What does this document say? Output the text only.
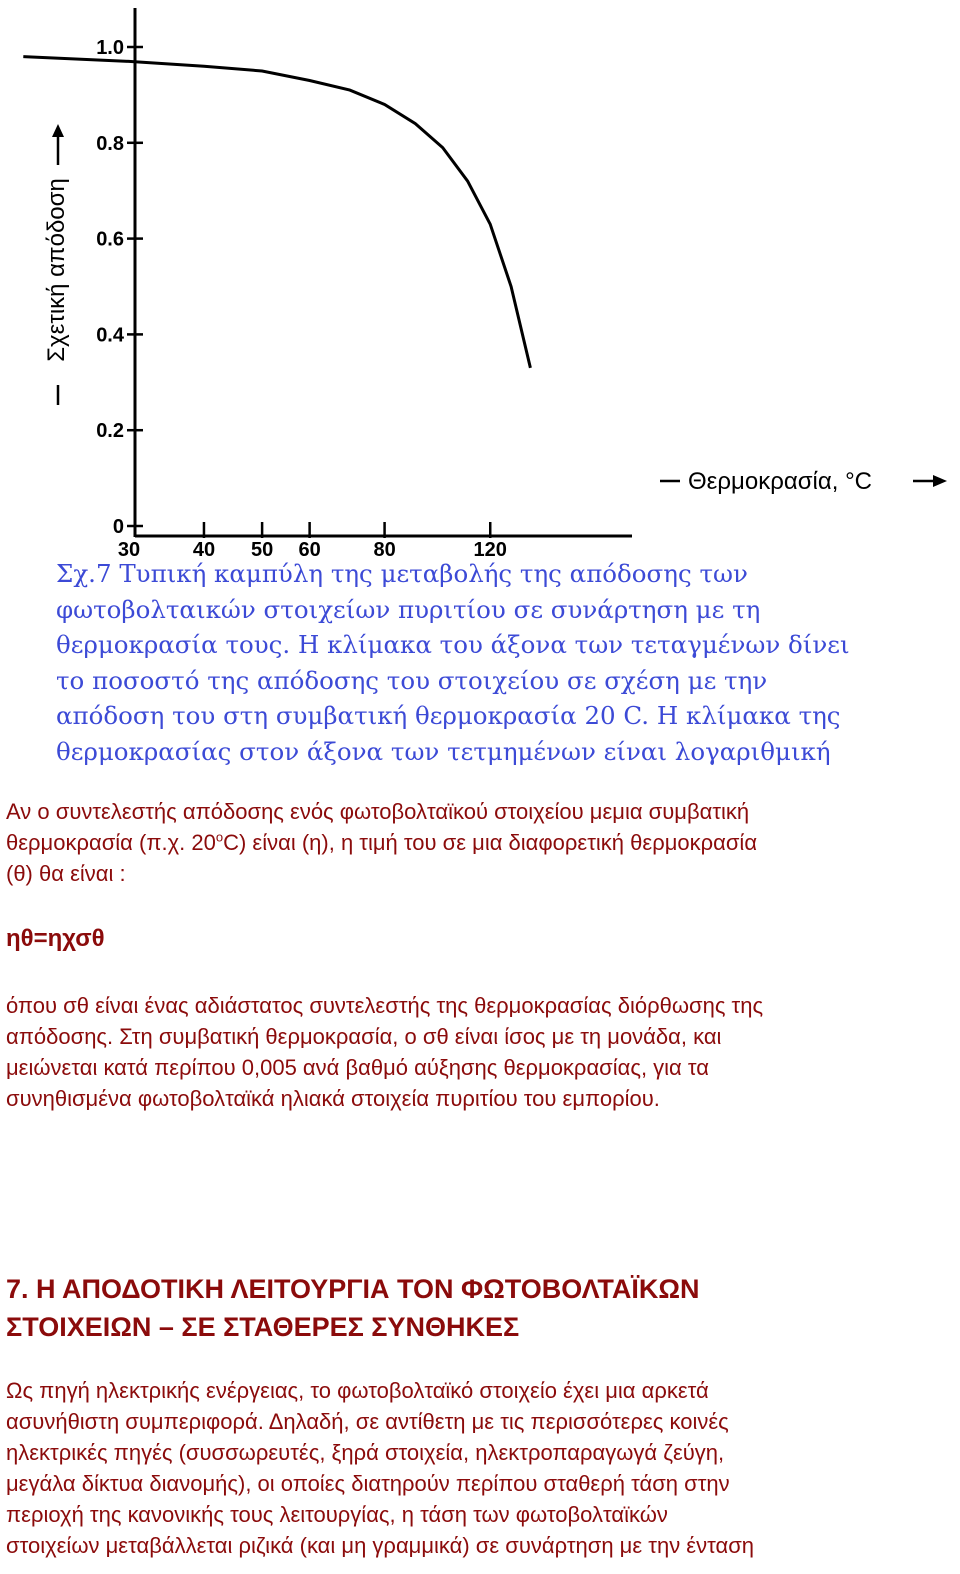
0
0.2
0.4
0.6
0.8
1.0
30	40 50 60	80	120
Σχετική απόδοση
Θερμοκρασία, °C
Σχ.7 Τυπική καμπύλη της μεταβολής της απόδοσης των
φωτοβολταικών στοιχείων πυριτίου σε συνάρτηση με τη
θερμοκρασία τους. Η κλίμακα του άξονα των τεταγμένων δίνει
το ποσοστό της απόδοσης του στοιχείου σε σχέση με την
απόδοση του στη συμβατική θερμοκρασία 20 C. Η κλίμακα της
θερμοκρασίας στον άξονα των τετμημένων είναι λογαριθμική
Αν ο συντελεστής απόδοσης ενός φωτοβολταϊκού στοιχείου μεμια συμβατική
θερμοκρασία (π.χ. 20$^o$C) είναι (η), η τιμή του σε μια διαφορετική θερμοκρασία
(θ) θα είναι :
ηθ=ηχσθ
όπου σθ είναι ένας αδιάστατος συντελεστής της θερμοκρασίας διόρθωσης της
απόδοσης. Στη συμβατική θερμοκρασία, ο σθ είναι ίσος με τη μονάδα, και
μειώνεται κατά περίπου 0,005 ανά βαθμό αύξησης θερμοκρασίας, για τα
συνηθισμένα φωτοβολταϊκά ηλιακά στοιχεία πυριτίου του εμπορίου.
7. Η ΑΠΟΔΟΤΙΚΗ ΛΕΙΤΟΥΡΓΙΑ ΤΟΝ ΦΩΤΟΒΟΛΤΑΪΚΩΝ
ΣΤΟΙΧΕΙΩΝ – ΣΕ ΣΤΑΘΕΡΕΣ ΣΥΝΘΗΚΕΣ
Ως πηγή ηλεκτρικής ενέργειας, το φωτοβολταϊκό στοιχείο έχει μια αρκετά
ασυνήθιστη συμπεριφορά. Δηλαδή, σε αντίθετη με τις περισσότερες κοινές
ηλεκτρικές πηγές (συσσωρευτές, ξηρά στοιχεία, ηλεκτροπαραγωγά ζεύγη,
μεγάλα δίκτυα διανομής), οι οποίες διατηρούν περίπου σταθερή τάση στην
περιοχή της κανονικής τους λειτουργίας, η τάση των φωτοβολταϊκών
στοιχείων μεταβάλλεται ριζικά (και μη γραμμικά) σε συνάρτηση με την ένταση
